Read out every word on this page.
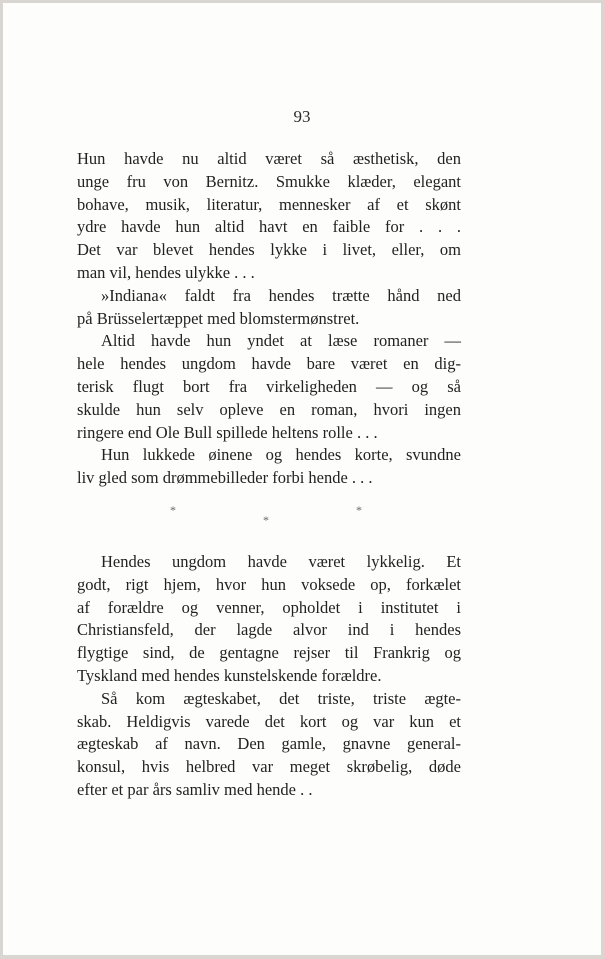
93

Hun havde nu altid været så æsthetisk, den
unge fru von Bernitz. Smukke klæder, elegant
bohave, musik, literatur, mennesker af et skønt
ydre havde hun altid havt en faible for . . .
Det var blevet hendes lykke i livet, eller, om
man vil, hendes ulykke . . .

»Indiana« faldt fra hendes trætte hånd ned
på Brüsselertæppet med blomstermønstret.

Altid havde hun yndet at læse romaner —
hele hendes ungdom havde bare været en dig-
terisk flugt bort fra virkeligheden — og så
skulde hun selv opleve en roman, hvori ingen
ringere end Ole Bull spillede heltens rolle . . .

Hun lukkede øinene og hendes korte, svundne
liv gled som drømmebilleder forbi hende . . .

*
*
*

Hendes ungdom havde været lykkelig. Et
godt, rigt hjem, hvor hun voksede op, forkælet
af forældre og venner, opholdet i institutet i
Christiansfeld, der lagde alvor ind i hendes
flygtige sind, de gentagne rejser til Frankrig og
Tyskland med hendes kunstelskende forældre.

Så kom ægteskabet, det triste, triste ægte-
skab. Heldigvis varede det kort og var kun et
ægteskab af navn. Den gamle, gnavne general-
konsul, hvis helbred var meget skrøbelig, døde
efter et par års samliv med hende . .
